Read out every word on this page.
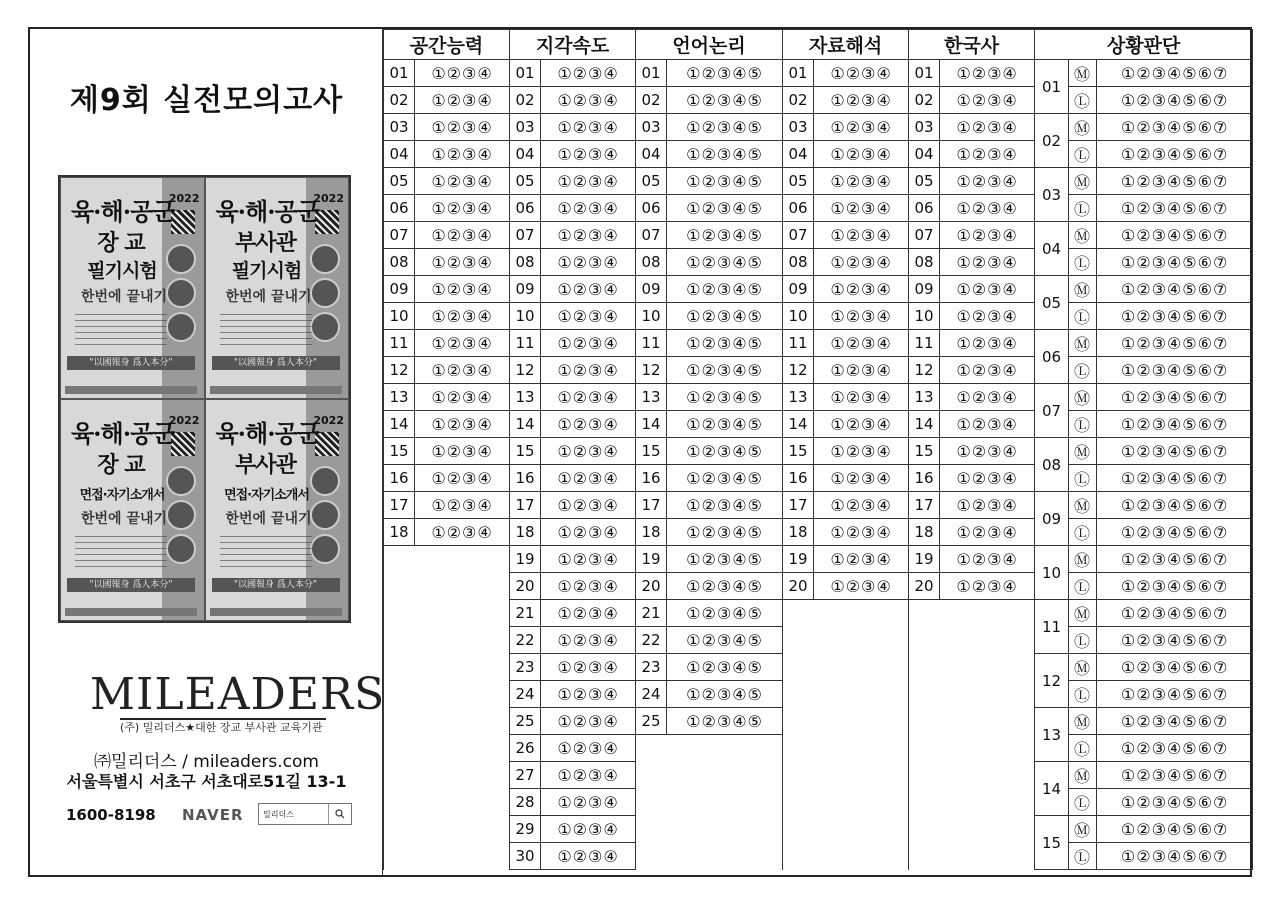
제9회 실전모의고사
2022
육·해·공군
장 교
필기시험
한번에 끝내기
"以國報身 爲人本分"
2022
육·해·공군
부사관
필기시험
한번에 끝내기
"以國報身 爲人本分"
2022
육·해·공군
장 교
면접·자기소개서
한번에 끝내기
"以國報身 爲人本分"
2022
육·해·공군
부사관
면접·자기소개서
한번에 끝내기
"以國報身 爲人本分"
MILEADERS
(주) 밀리더스★대한 장교 부사관 교육기관
㈜밀리더스 / mileaders.com
서울특별시 서초구 서초대로51길 13-1
1600-8198 NAVER 밀리더스
공간능력		지각속도		언어논리		자료해석		한국사		상황판단		
01	①②③④	01	①②③④	01	①②③④⑤	01	①②③④	01	①②③④	01	Ⓜ	①②③④⑤⑥⑦
02	①②③④	02	①②③④	02	①②③④⑤	02	①②③④	02	①②③④		Ⓛ	①②③④⑤⑥⑦
03	①②③④	03	①②③④	03	①②③④⑤	03	①②③④	03	①②③④	02	Ⓜ	①②③④⑤⑥⑦
04	①②③④	04	①②③④	04	①②③④⑤	04	①②③④	04	①②③④		Ⓛ	①②③④⑤⑥⑦
05	①②③④	05	①②③④	05	①②③④⑤	05	①②③④	05	①②③④	03	Ⓜ	①②③④⑤⑥⑦
06	①②③④	06	①②③④	06	①②③④⑤	06	①②③④	06	①②③④		Ⓛ	①②③④⑤⑥⑦
07	①②③④	07	①②③④	07	①②③④⑤	07	①②③④	07	①②③④	04	Ⓜ	①②③④⑤⑥⑦
08	①②③④	08	①②③④	08	①②③④⑤	08	①②③④	08	①②③④		Ⓛ	①②③④⑤⑥⑦
09	①②③④	09	①②③④	09	①②③④⑤	09	①②③④	09	①②③④	05	Ⓜ	①②③④⑤⑥⑦
10	①②③④	10	①②③④	10	①②③④⑤	10	①②③④	10	①②③④		Ⓛ	①②③④⑤⑥⑦
11	①②③④	11	①②③④	11	①②③④⑤	11	①②③④	11	①②③④	06	Ⓜ	①②③④⑤⑥⑦
12	①②③④	12	①②③④	12	①②③④⑤	12	①②③④	12	①②③④		Ⓛ	①②③④⑤⑥⑦
13	①②③④	13	①②③④	13	①②③④⑤	13	①②③④	13	①②③④	07	Ⓜ	①②③④⑤⑥⑦
14	①②③④	14	①②③④	14	①②③④⑤	14	①②③④	14	①②③④		Ⓛ	①②③④⑤⑥⑦
15	①②③④	15	①②③④	15	①②③④⑤	15	①②③④	15	①②③④	08	Ⓜ	①②③④⑤⑥⑦
16	①②③④	16	①②③④	16	①②③④⑤	16	①②③④	16	①②③④		Ⓛ	①②③④⑤⑥⑦
17	①②③④	17	①②③④	17	①②③④⑤	17	①②③④	17	①②③④	09	Ⓜ	①②③④⑤⑥⑦
18	①②③④	18	①②③④	18	①②③④⑤	18	①②③④	18	①②③④		Ⓛ	①②③④⑤⑥⑦
		19	①②③④	19	①②③④⑤	19	①②③④	19	①②③④	10	Ⓜ	①②③④⑤⑥⑦
		20	①②③④	20	①②③④⑤	20	①②③④	20	①②③④		Ⓛ	①②③④⑤⑥⑦
		21	①②③④	21	①②③④⑤					11	Ⓜ	①②③④⑤⑥⑦
		22	①②③④	22	①②③④⑤						Ⓛ	①②③④⑤⑥⑦
		23	①②③④	23	①②③④⑤					12	Ⓜ	①②③④⑤⑥⑦
		24	①②③④	24	①②③④⑤						Ⓛ	①②③④⑤⑥⑦
		25	①②③④	25	①②③④⑤					13	Ⓜ	①②③④⑤⑥⑦
		26	①②③④								Ⓛ	①②③④⑤⑥⑦
		27	①②③④							14	Ⓜ	①②③④⑤⑥⑦
		28	①②③④								Ⓛ	①②③④⑤⑥⑦
		29	①②③④							15	Ⓜ	①②③④⑤⑥⑦
		30	①②③④								Ⓛ	①②③④⑤⑥⑦
